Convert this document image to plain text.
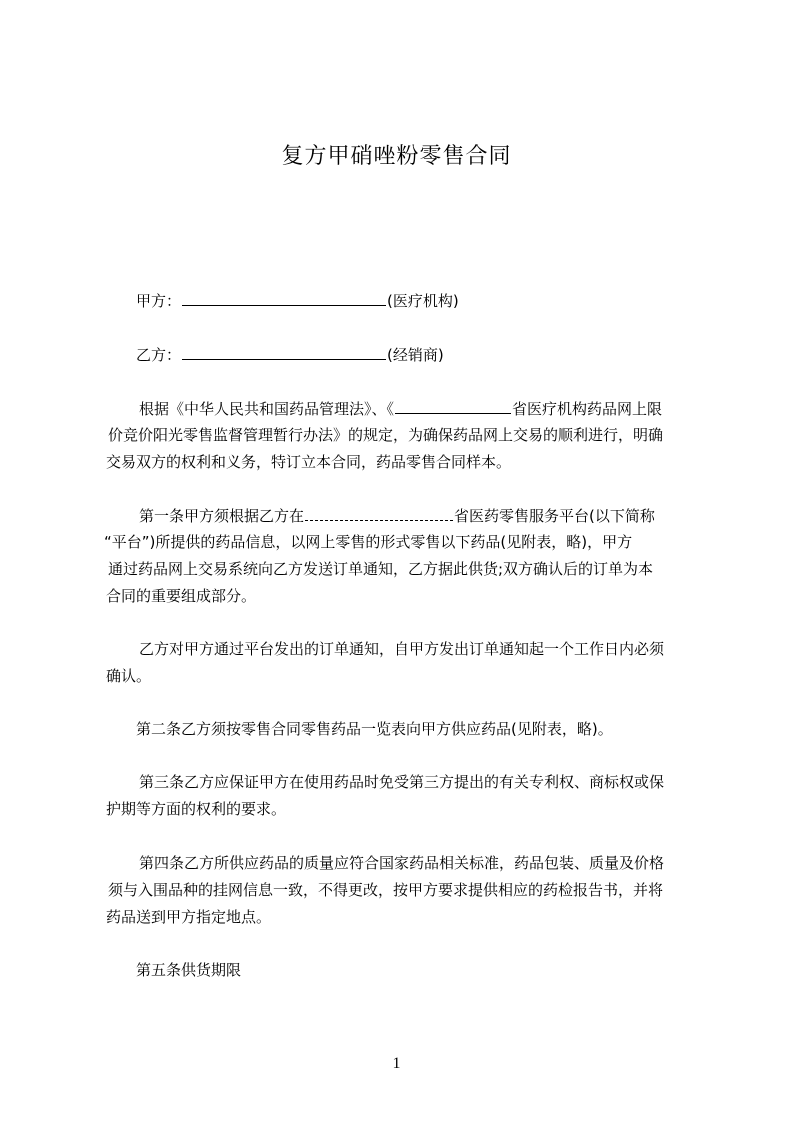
复方甲硝唑粉零售合同
甲方：	(医疗机构)
乙方：	(经销商)
根据《中华人民共和国药品管理法》、《	省医疗机构药品网上限
价竞价阳光零售监督管理暂行办法》的规定，为确保药品网上交易的顺利进行，明确
交易双方的权利和义务，特订立本合同，药品零售合同样本。
第一条甲方须根据乙方在	省医药零售服务平台(以下简称
“平台”)所提供的药品信息，以网上零售的形式零售以下药品(见附表，略)，甲方
通过药品网上交易系统向乙方发送订单通知，乙方据此供货;双方确认后的订单为本
合同的重要组成部分。
乙方对甲方通过平台发出的订单通知，自甲方发出订单通知起一个工作日内必须
确认。
第二条乙方须按零售合同零售药品一览表向甲方供应药品(见附表，略)。
第三条乙方应保证甲方在使用药品时免受第三方提出的有关专利权、商标权或保
护期等方面的权利的要求。
第四条乙方所供应药品的质量应符合国家药品相关标准，药品包装、质量及价格
须与入围品种的挂网信息一致，不得更改，按甲方要求提供相应的药检报告书，并将
药品送到甲方指定地点。
第五条供货期限
1
